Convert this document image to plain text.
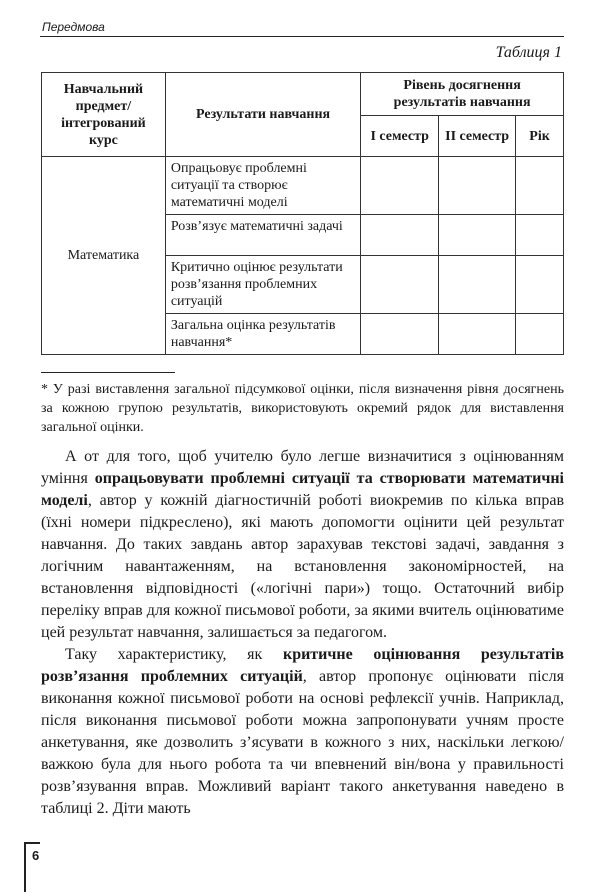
Передмова
Таблиця 1
Навчальний предмет/ інтегрований курс	Результати навчання	Рівень досягнення результатів навчання		
		І семестр	ІІ семестр	Рік
Математика	Опрацьовує проблемні ситуації та створює математичні моделі			
	Розв’язує математичні задачі			
	Критично оцінює результати розв’язання проблемних ситуацій			
	Загальна оцінка результатів навчання*			
* У разі виставлення загальної підсумкової оцінки, після визначення рівня досягнень за кожною групою результатів, використовують окремий рядок для виставлення загальної оцінки.

А от для того, щоб учителю було легше визначитися з оцінюванням уміння опрацьовувати проблемні ситуації та створювати математичні моделі, автор у кожній діагностичній роботі виокремив по кілька вправ (їхні номери підкреслено), які мають допомогти оцінити цей результат навчання. До таких завдань автор зарахував текстові задачі, завдання з логічним навантаженням, на встановлення закономірностей, на встановлення відповідності («логічні пари») тощо. Остаточний вибір переліку вправ для кожної письмової роботи, за якими вчитель оцінюватиме цей результат навчання, залишається за педагогом.

Таку характеристику, як критичне оцінювання результатів розв’язання проблемних ситуацій, автор пропонує оцінювати після виконання кожної письмової роботи на основі рефлексії учнів. Наприклад, після виконання письмової роботи можна запропонувати учням просте анкетування, яке дозволить з’ясувати в кожного з них, наскільки легкою/важкою була для нього робота та чи впевнений він/вона у правильності розв’язування вправ. Можливий варіант такого анкетування наведено в таблиці 2. Діти мають

6
